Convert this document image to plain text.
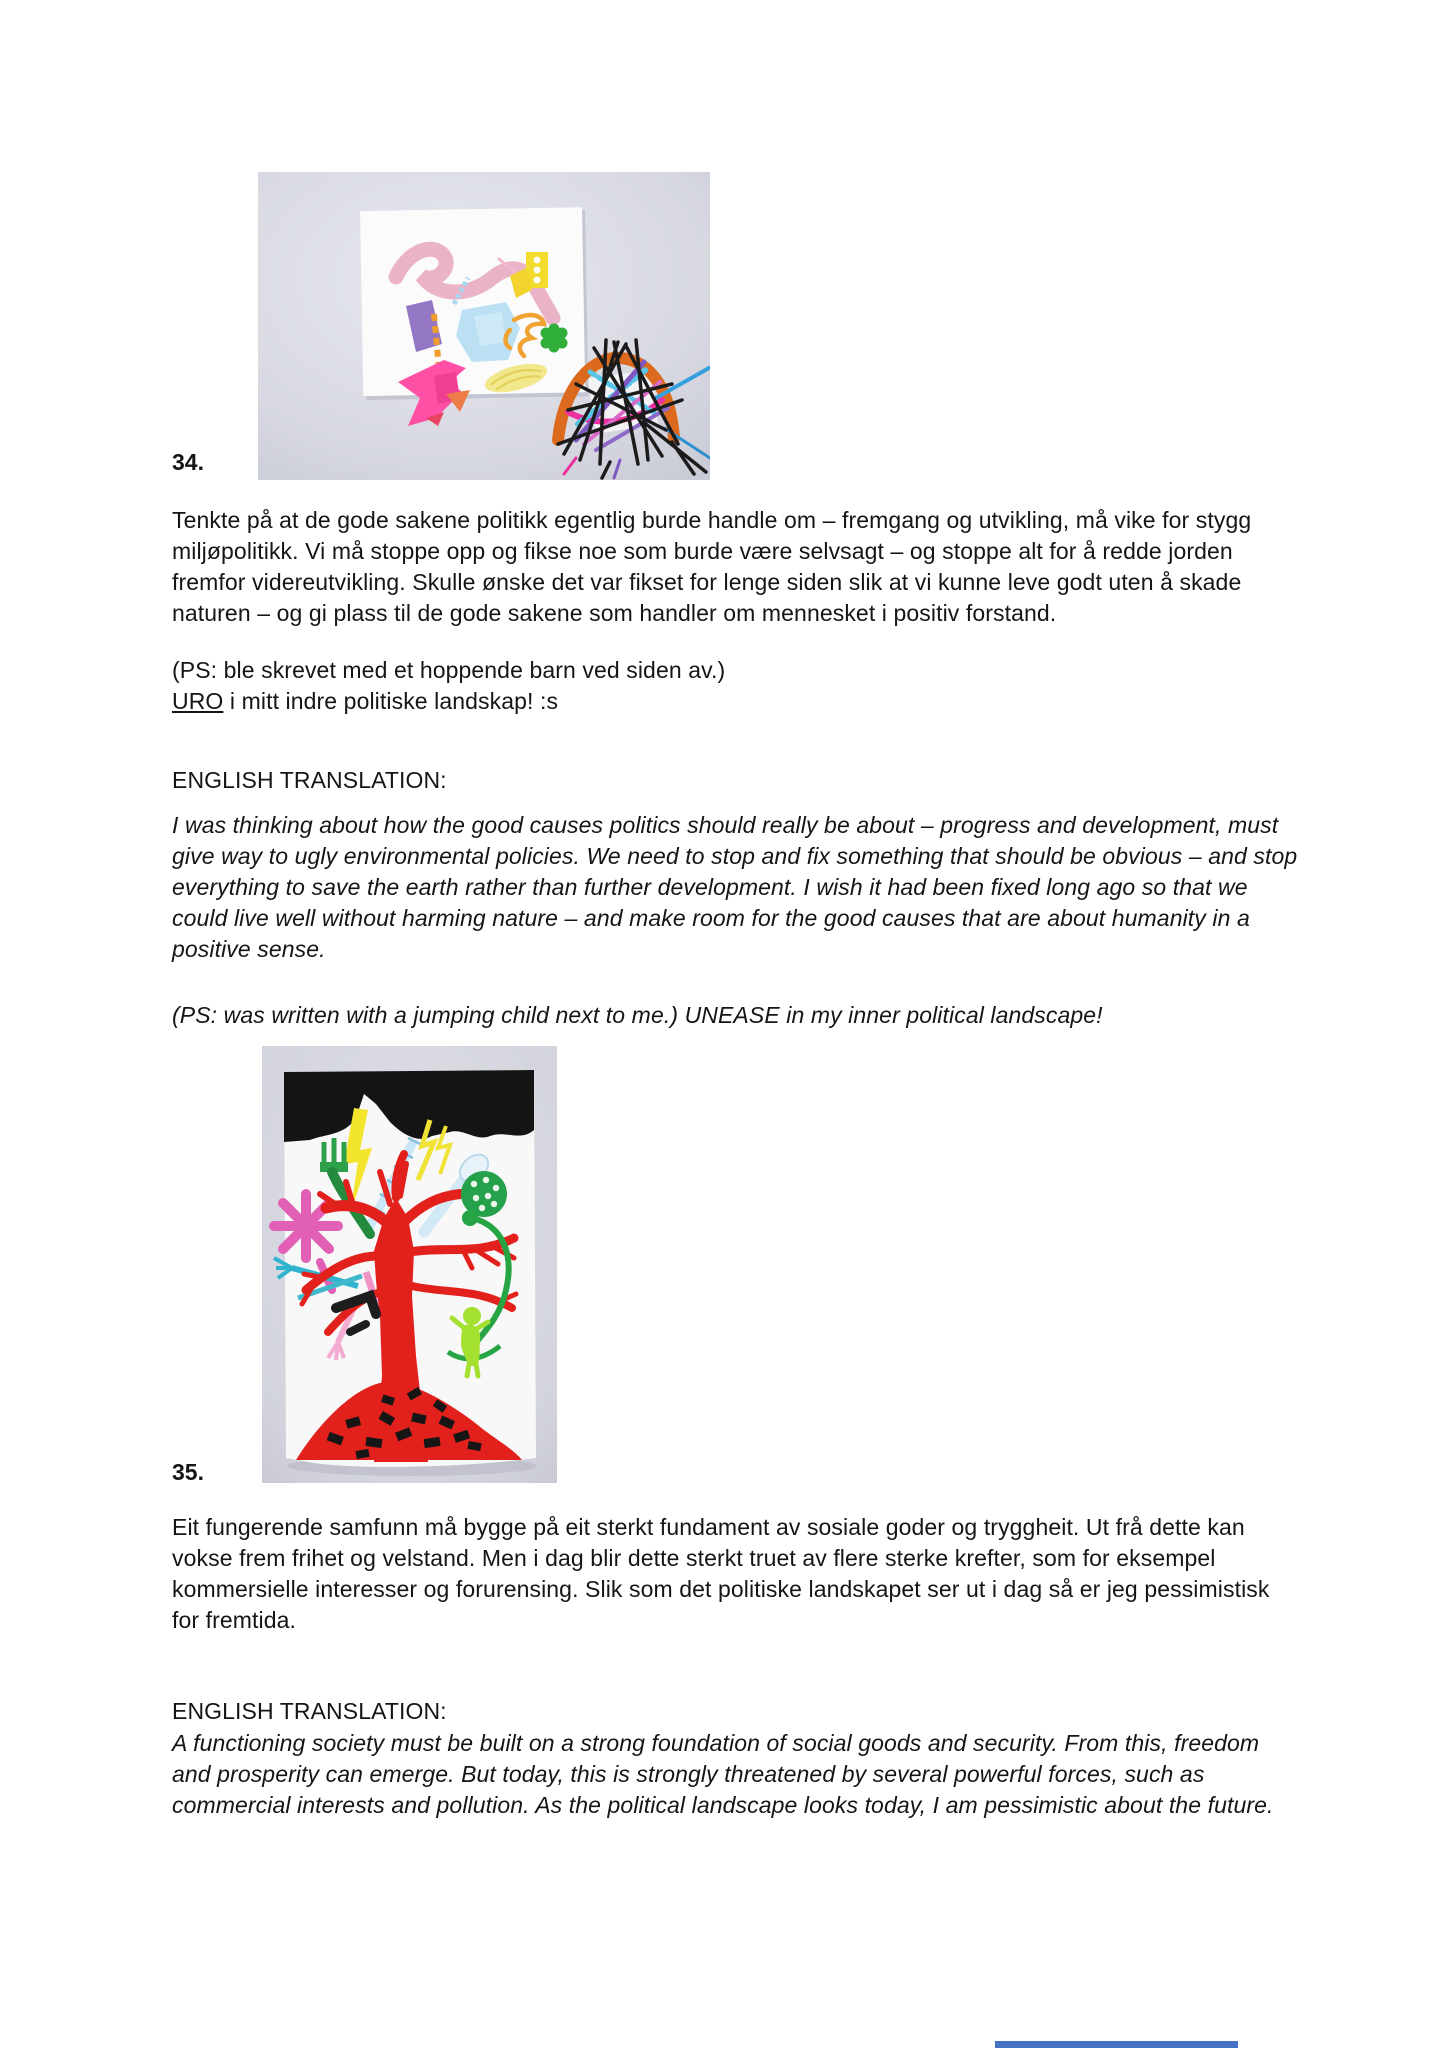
34.
Tenkte på at de gode sakene politikk egentlig burde handle om – fremgang og utvikling, må vike for stygg miljøpolitikk. Vi må stoppe opp og fikse noe som burde være selvsagt – og stoppe alt for å redde jorden fremfor videreutvikling. Skulle ønske det var fikset for lenge siden slik at vi kunne leve godt uten å skade naturen – og gi plass til de gode sakene som handler om mennesket i positiv forstand.
(PS: ble skrevet med et hoppende barn ved siden av.)
URO i mitt indre politiske landskap! :s
ENGLISH TRANSLATION:
I was thinking about how the good causes politics should really be about – progress and development, must give way to ugly environmental policies. We need to stop and fix something that should be obvious – and stop everything to save the earth rather than further development. I wish it had been fixed long ago so that we could live well without harming nature – and make room for the good causes that are about humanity in a positive sense.
(PS: was written with a jumping child next to me.) UNEASE in my inner political landscape!
35.
Eit fungerende samfunn må bygge på eit sterkt fundament av sosiale goder og tryggheit. Ut frå dette kan vokse frem frihet og velstand. Men i dag blir dette sterkt truet av flere sterke krefter, som for eksempel kommersielle interesser og forurensing. Slik som det politiske landskapet ser ut i dag så er jeg pessimistisk for fremtida.
ENGLISH TRANSLATION:
A functioning society must be built on a strong foundation of social goods and security. From this, freedom and prosperity can emerge. But today, this is strongly threatened by several powerful forces, such as commercial interests and pollution. As the political landscape looks today, I am pessimistic about the future.
